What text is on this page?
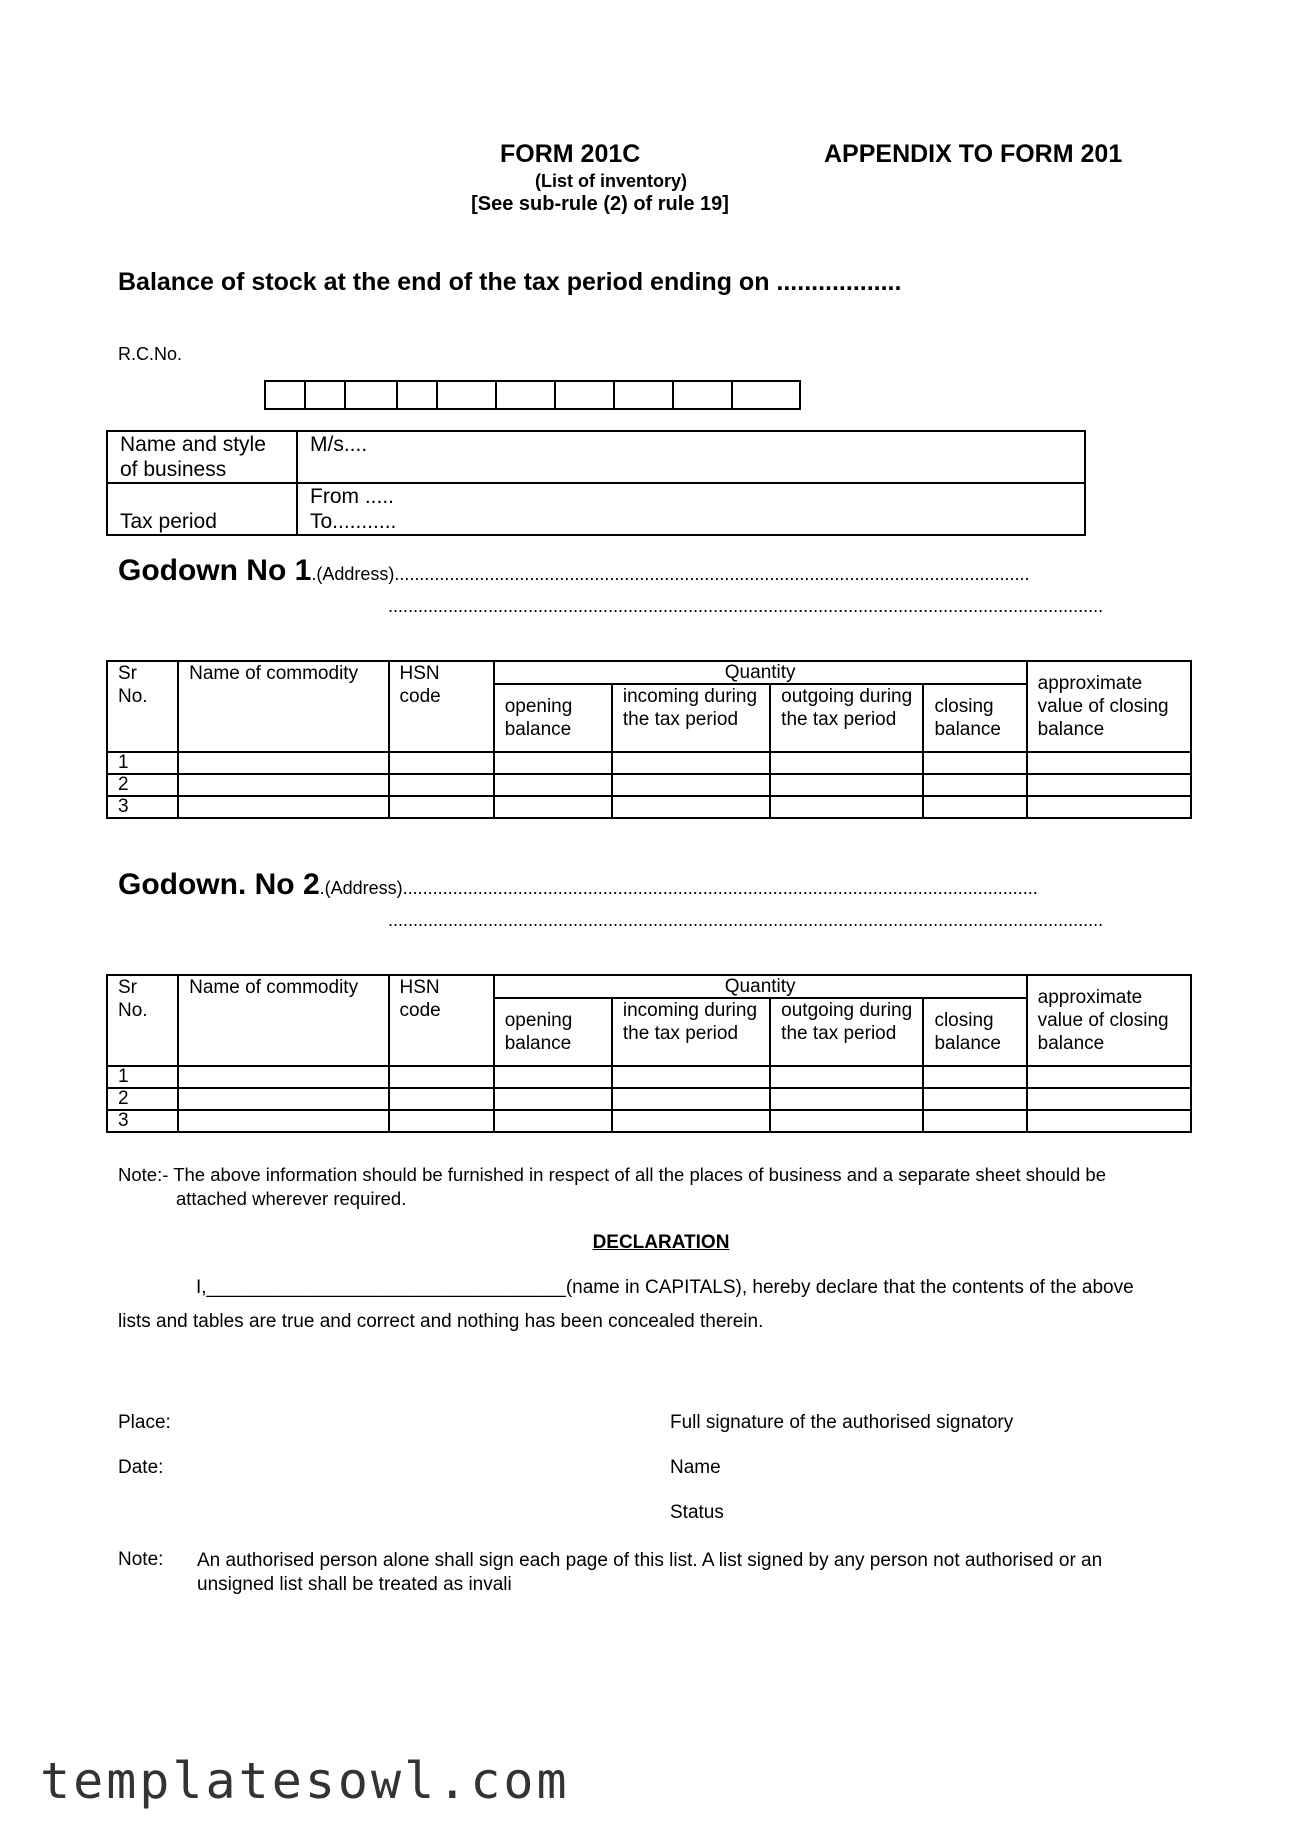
FORM 201C	APPENDIX TO FORM 201
(List of inventory)
[See sub-rule (2) of rule 19]
Balance of stock at the end of the tax period ending on ..................
R.C.No.
Name and style of business	M/s....
Tax period	From .....
To...........
Godown No 1.(Address)...............................................................................................................................
...............................................................................................................................................
Sr No.	Name of commodity	HSN code	Quantity				approximate value of closing balance
			opening balance	incoming during the tax period	outgoing during the tax period	closing balance	
1							
2							
3							
Godown. No 2.(Address)...............................................................................................................................
...............................................................................................................................................
Sr No.	Name of commodity	HSN code	Quantity				approximate value of closing balance
			opening balance	incoming during the tax period	outgoing during the tax period	closing balance	
1							
2							
3							
Note:- The above information should be furnished in respect of all the places of business and a separate sheet should be
attached wherever required.
DECLARATION
I,__________________________________(name in CAPITALS), hereby declare that the contents of the above
lists and tables are true and correct and nothing has been concealed therein.
Place:
Date:
Full signature of the authorised signatory
Name
Status
Note: An authorised person alone shall sign each page of this list. A list signed by any person not authorised or an unsigned list shall be treated as invali
templatesowl.com
